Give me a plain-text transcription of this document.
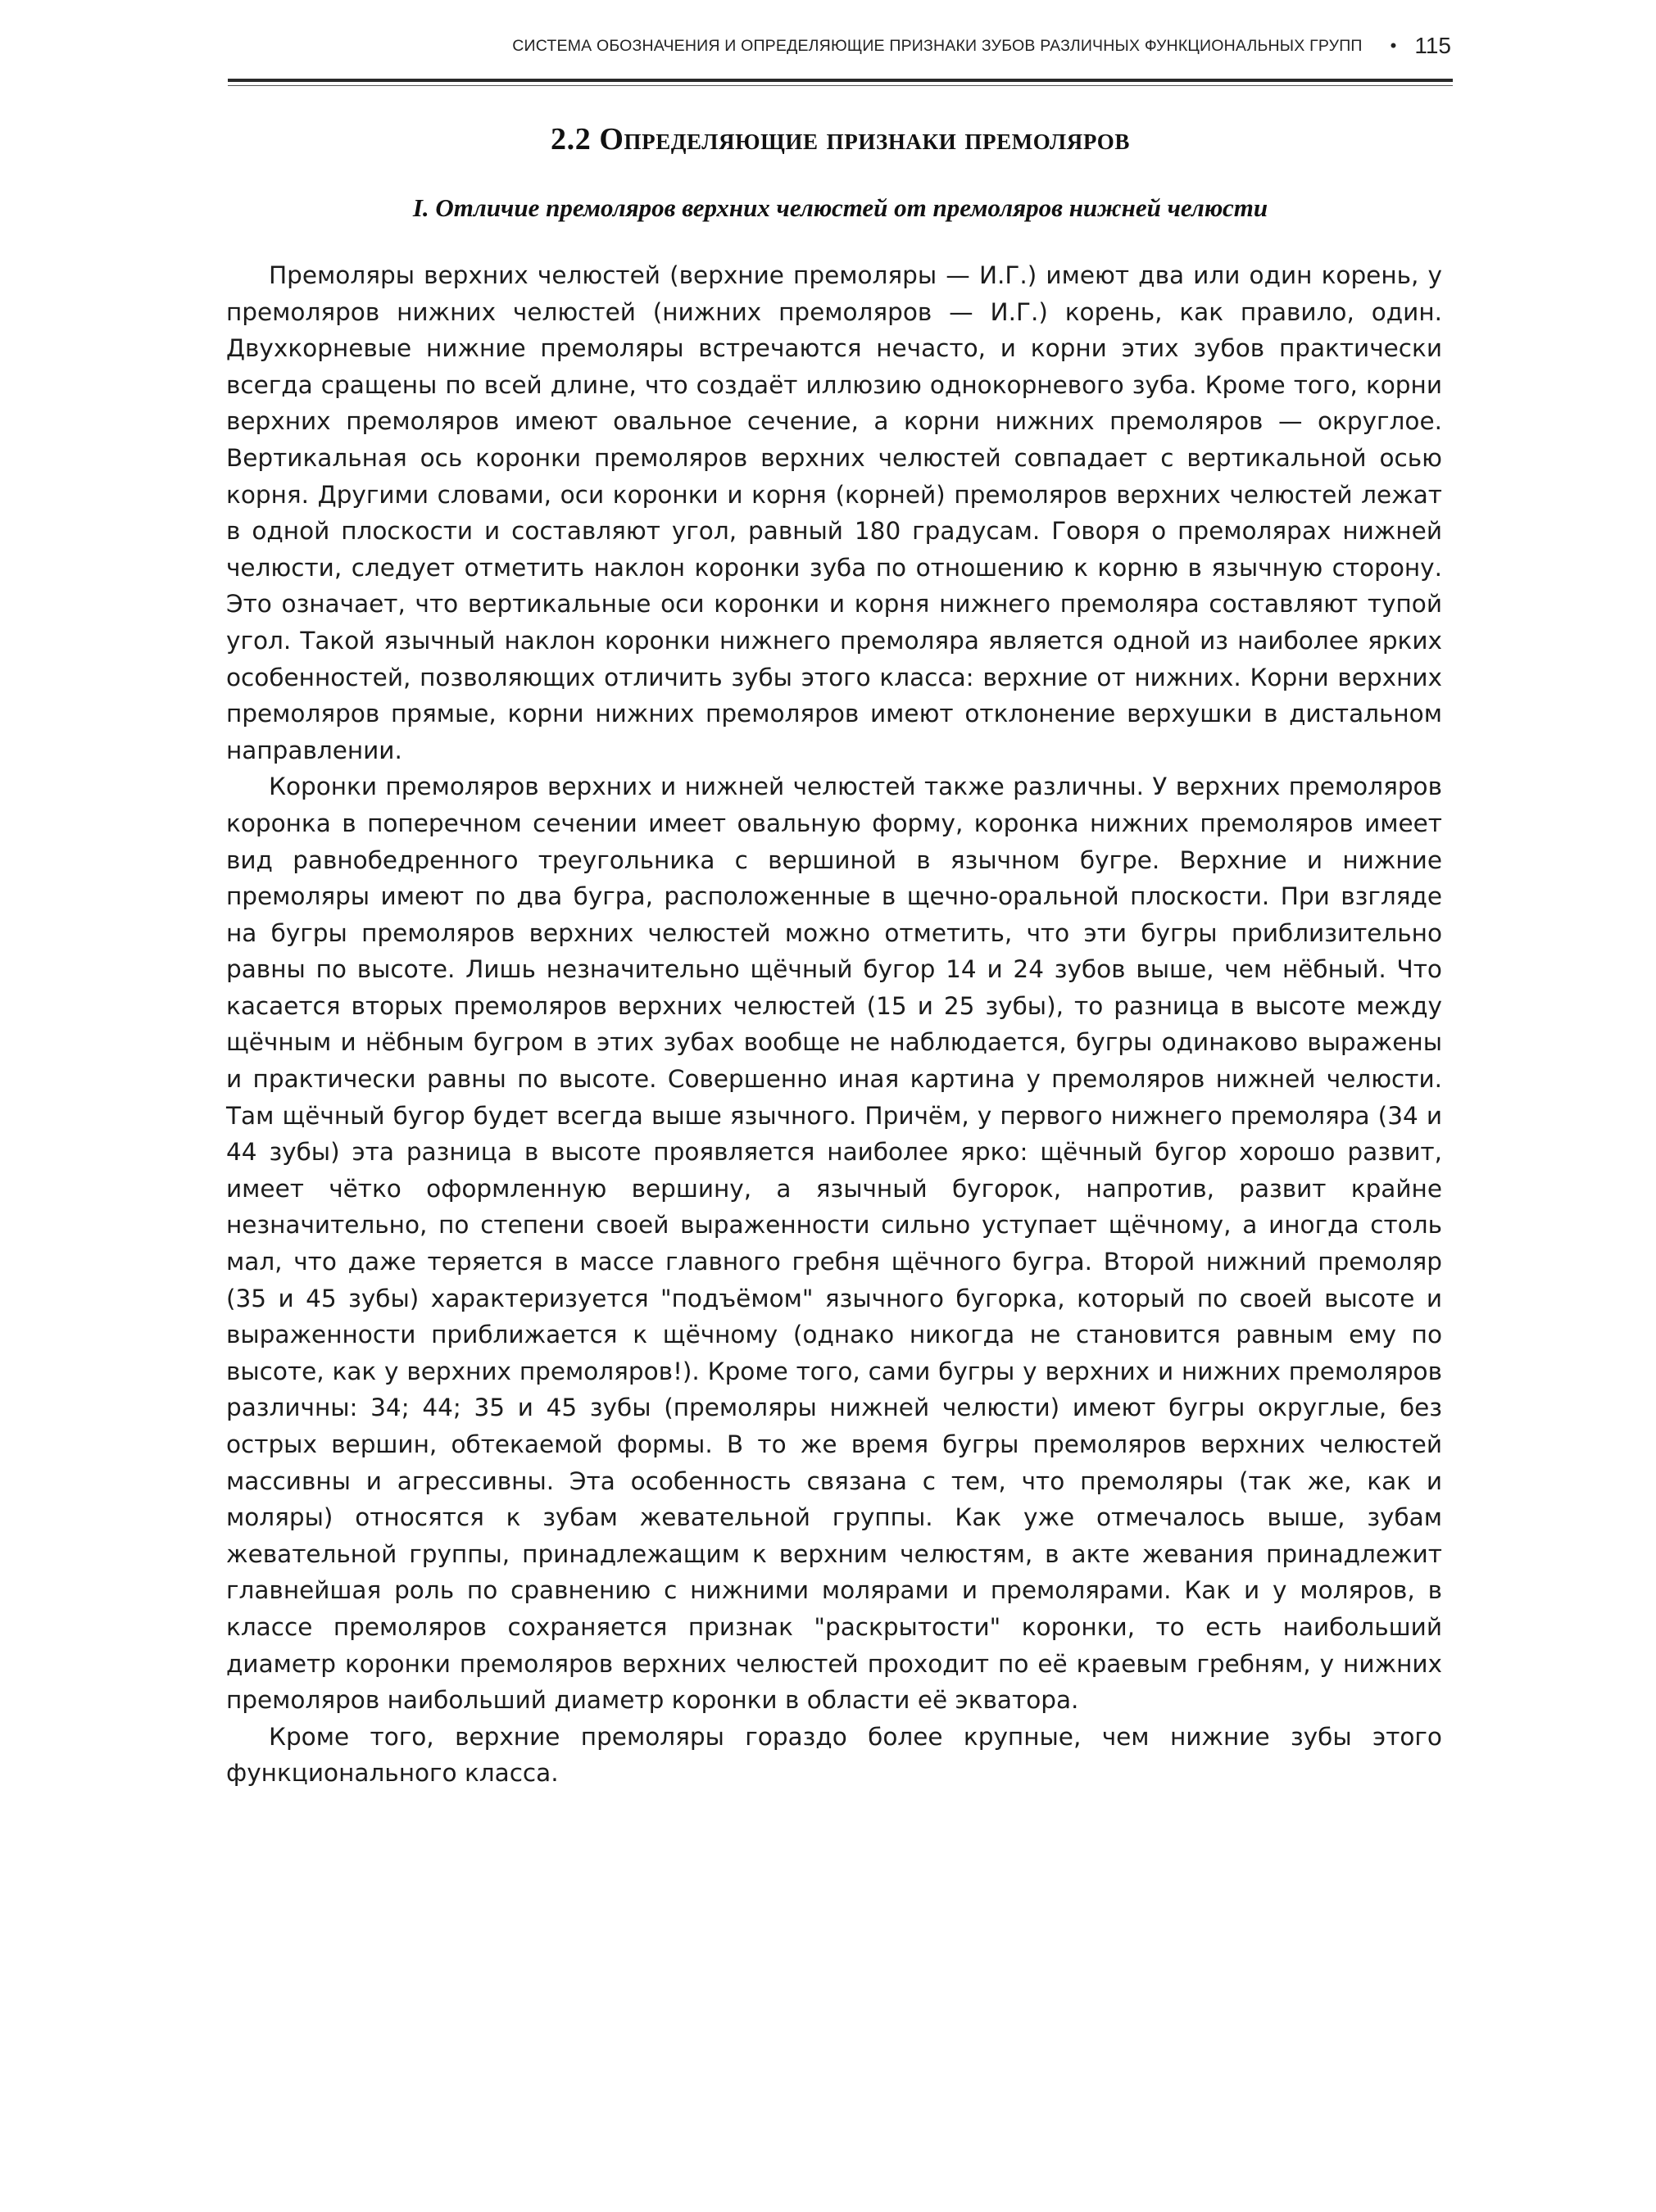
СИСТЕМА ОБОЗНАЧЕНИЯ И ОПРЕДЕЛЯЮЩИЕ ПРИЗНАКИ ЗУБОВ РАЗЛИЧНЫХ ФУНКЦИОНАЛЬНЫХ ГРУПП • 115
2.2 Определяющие признаки премоляров
I. Отличие премоляров верхних челюстей от премоляров нижней челюсти

Премоляры верхних челюстей (верхние премоляры — И.Г.) имеют два или один корень, у премоляров нижних челюстей (нижних премоляров — И.Г.) корень, как правило, один. Двухкорневые нижние премоляры встречаются нечасто, и корни этих зубов практически всегда сращены по всей длине, что создаёт иллюзию однокорневого зуба. Кроме того, корни верхних премоляров имеют овальное сечение, а корни нижних премоляров — округлое. Вертикальная ось коронки премоляров верхних челюстей совпадает с вертикальной осью корня. Другими словами, оси коронки и корня (корней) премоляров верхних челюстей лежат в одной плоскости и составляют угол, равный 180 градусам. Говоря о премолярах нижней челюсти, следует отметить наклон коронки зуба по отношению к корню в язычную сторону. Это означает, что вертикальные оси коронки и корня нижнего премоляра составляют тупой угол. Такой язычный наклон коронки нижнего премоляра является одной из наиболее ярких особенностей, позволяющих отличить зубы этого класса: верхние от нижних. Корни верхних премоляров прямые, корни нижних премоляров имеют отклонение верхушки в дистальном направлении.

Коронки премоляров верхних и нижней челюстей также различны. У верхних премоляров коронка в поперечном сечении имеет овальную форму, коронка нижних премоляров имеет вид равнобедренного треугольника с вершиной в язычном бугре. Верхние и нижние премоляры имеют по два бугра, расположенные в щечно-оральной плоскости. При взгляде на бугры премоляров верхних челюстей можно отметить, что эти бугры приблизительно равны по высоте. Лишь незначительно щёчный бугор 14 и 24 зубов выше, чем нёбный. Что касается вторых премоляров верхних челюстей (15 и 25 зубы), то разница в высоте между щёчным и нёбным бугром в этих зубах вообще не наблюдается, бугры одинаково выражены и практически равны по высоте. Совершенно иная картина у премоляров нижней челюсти. Там щёчный бугор будет всегда выше язычного. Причём, у первого нижнего премоляра (34 и 44 зубы) эта разница в высоте проявляется наиболее ярко: щёчный бугор хорошо развит, имеет чётко оформленную вершину, а язычный бугорок, напротив, развит крайне незначительно, по степени своей выраженности сильно уступает щёчному, а иногда столь мал, что даже теряется в массе главного гребня щёчного бугра. Второй нижний премоляр (35 и 45 зубы) характеризуется "подъёмом" язычного бугорка, который по своей высоте и выраженности приближается к щёчному (однако никогда не становится равным ему по высоте, как у верхних премоляров!). Кроме того, сами бугры у верхних и нижних премоляров различны: 34; 44; 35 и 45 зубы (премоляры нижней челюсти) имеют бугры округлые, без острых вершин, обтекаемой формы. В то же время бугры премоляров верхних челюстей массивны и агрессивны. Эта особенность связана с тем, что премоляры (так же, как и моляры) относятся к зубам жевательной группы. Как уже отмечалось выше, зубам жевательной группы, принадлежащим к верхним челюстям, в акте жевания принадлежит главнейшая роль по сравнению с нижними молярами и премолярами. Как и у моляров, в классе премоляров сохраняется признак "раскрытости" коронки, то есть наибольший диаметр коронки премоляров верхних челюстей проходит по её краевым гребням, у нижних премоляров наибольший диаметр коронки в области её экватора.

Кроме того, верхние премоляры гораздо более крупные, чем нижние зубы этого функционального класса.
